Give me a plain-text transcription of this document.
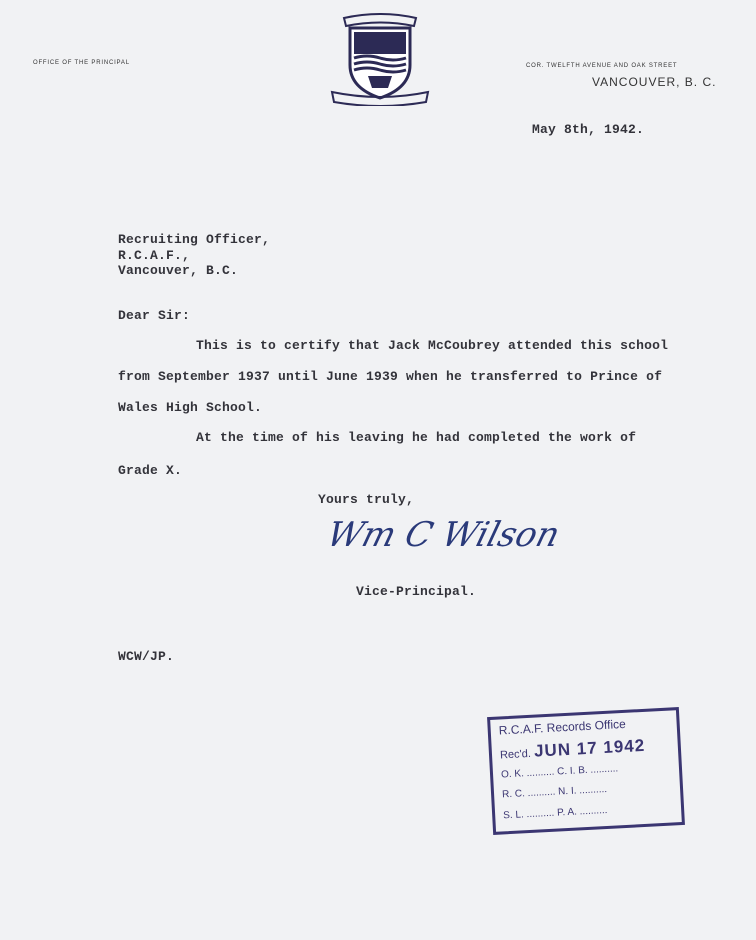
OFFICE OF THE PRINCIPAL	COR. TWELFTH AVENUE AND OAK STREET
VANCOUVER, B. C.
May 8th, 1942.
Recruiting Officer,
R.C.A.F.,
Vancouver, B.C.
Dear Sir:
This is to certify that Jack McCoubrey attended this school
from September 1937 until June 1939 when he transferred to Prince of
Wales High School.
At the time of his leaving he had completed the work of
Grade X.
Yours truly,
Wm C Wilson
Vice-Principal.
WCW/JP.
R.C.A.F. Records Office
Rec'd. JUN 17 1942
O. K. .......... C. I. B. ..........
R. C. .......... N. I. ..........
S. L. .......... P. A. ..........
